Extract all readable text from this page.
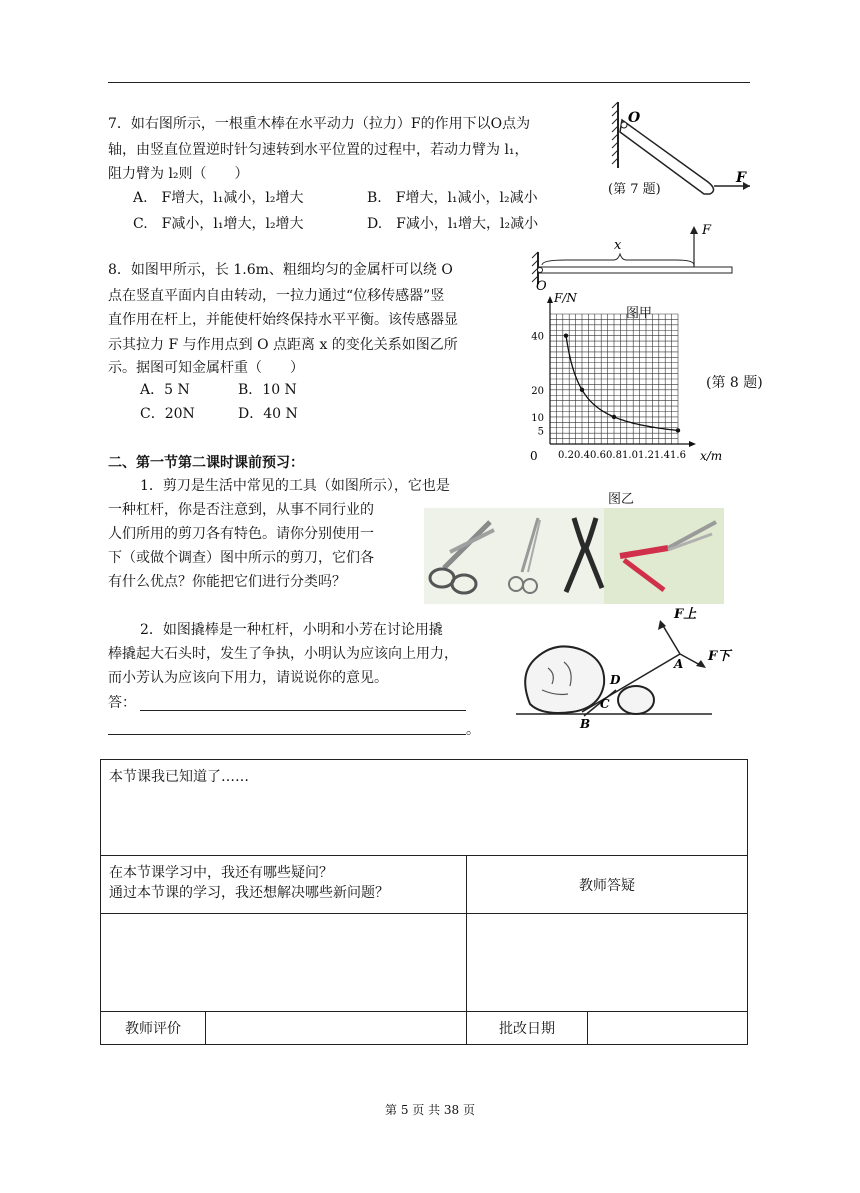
7．如右图所示，一根重木棒在水平动力（拉力）F的作用下以O点为
轴，由竖直位置逆时针匀速转到水平位置的过程中，若动力臂为 l₁，
阻力臂为 l₂则（　　）
A.　F增大，l₁减小，l₂增大	B.　F增大，l₁减小，l₂减小
C.　F减小，l₁增大，l₂增大	D.　F减小，l₁增大，l₂减小
O
F
(第 7 题)
8．如图甲所示，长 1.6m、粗细均匀的金属杆可以绕 O
点在竖直平面内自由转动，一拉力通过“位移传感器”竖
直作用在杆上，并能使杆始终保持水平平衡。该传感器显
示其拉力 F 与作用点到 O 点距离 x 的变化关系如图乙所
示。据图可知金属杆重（　　）
A．5 N	B．10 N
C．20N	D．40 N
x
F
O
0.2 0.4 0.6 0.8 1.0 1.2 1.4 1.6
5
10
20
40
0	x/m
F/N
图甲
图乙
(第 8 题)
二、第一节第二课时课前预习：
1．剪刀是生活中常见的工具（如图所示），它也是
一种杠杆，你是否注意到，从事不同行业的
人们所用的剪刀各有特色。请你分别使用一
下（或做个调查）图中所示的剪刀，它们各
有什么优点？你能把它们进行分类吗？
2．如图撬棒是一种杠杆，小明和小芳在讨论用撬
棒撬起大石头时，发生了争执，小明认为应该向上用力，
而小芳认为应该向下用力，请说说你的意见。
答：
。
F上
F下
A
D
C
B
本节课我已知道了……			

在本节课学习中，我还有哪些疑问？
通过本节课的学习，我还想解决哪些新问题？		教师答疑	

教师评价		批改日期	
第 5 页 共 38 页
